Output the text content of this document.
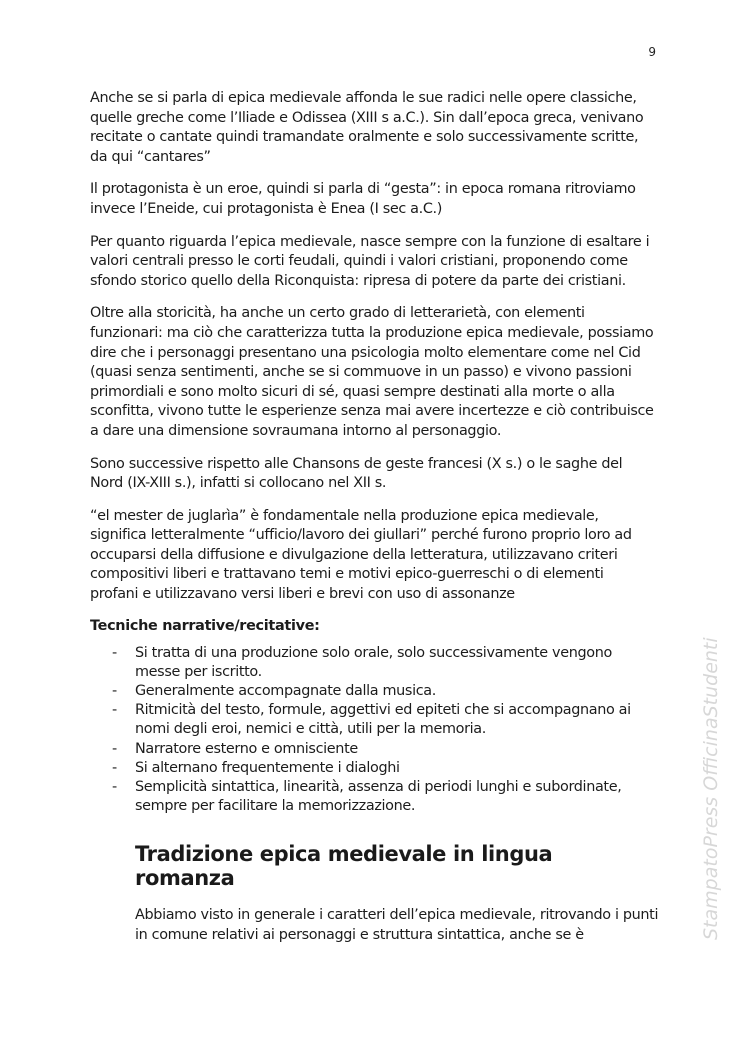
9

Anche se si parla di epica medievale affonda le sue radici nelle opere classiche, quelle greche come l’Iliade e Odissea (XIII s a.C.). Sin dall’epoca greca, venivano recitate o cantate quindi tramandate oralmente e solo successivamente scritte, da qui “cantares”

Il protagonista è un eroe, quindi si parla di “gesta”: in epoca romana ritroviamo invece l’Eneide, cui protagonista è Enea (I sec a.C.)

Per quanto riguarda l’epica medievale, nasce sempre con la funzione di esaltare i valori centrali presso le corti feudali, quindi i valori cristiani, proponendo come sfondo storico quello della Riconquista: ripresa di potere da parte dei cristiani.

Oltre alla storicità, ha anche un certo grado di letterarietà, con elementi funzionari: ma ciò che caratterizza tutta la produzione epica medievale, possiamo dire che i personaggi presentano una psicologia molto elementare come nel Cid (quasi senza sentimenti, anche se si commuove in un passo) e vivono passioni primordiali e sono molto sicuri di sé, quasi sempre destinati alla morte o alla sconfitta, vivono tutte le esperienze senza mai avere incertezze e ciò contribuisce a dare una dimensione sovraumana intorno al personaggio.

Sono successive rispetto alle Chansons de geste francesi (X s.) o le saghe del Nord (IX-XIII s.), infatti si collocano nel XII s.

“el mester de juglarìa” è fondamentale nella produzione epica medievale, significa letteralmente “ufficio/lavoro dei giullari” perché furono proprio loro ad occuparsi della diffusione e divulgazione della letteratura, utilizzavano criteri compositivi liberi e trattavano temi e motivi epico-guerreschi o di elementi profani e utilizzavano versi liberi e brevi con uso di assonanze

Tecniche narrative/recitative:
- Si tratta di una produzione solo orale, solo successivamente vengono messe per iscritto.
- Generalmente accompagnate dalla musica.
- Ritmicità del testo, formule, aggettivi ed epiteti che si accompagnano ai nomi degli eroi, nemici e città, utili per la memoria.
- Narratore esterno e omnisciente
- Si alternano frequentemente i dialoghi
- Semplicità sintattica, linearità, assenza di periodi lunghi e subordinate, sempre per facilitare la memorizzazione.
Tradizione epica medievale in lingua romanza

Abbiamo visto in generale i caratteri dell’epica medievale, ritrovando i punti in comune relativi ai personaggi e struttura sintattica, anche se è	StampatoPress OfficinaStudenti
